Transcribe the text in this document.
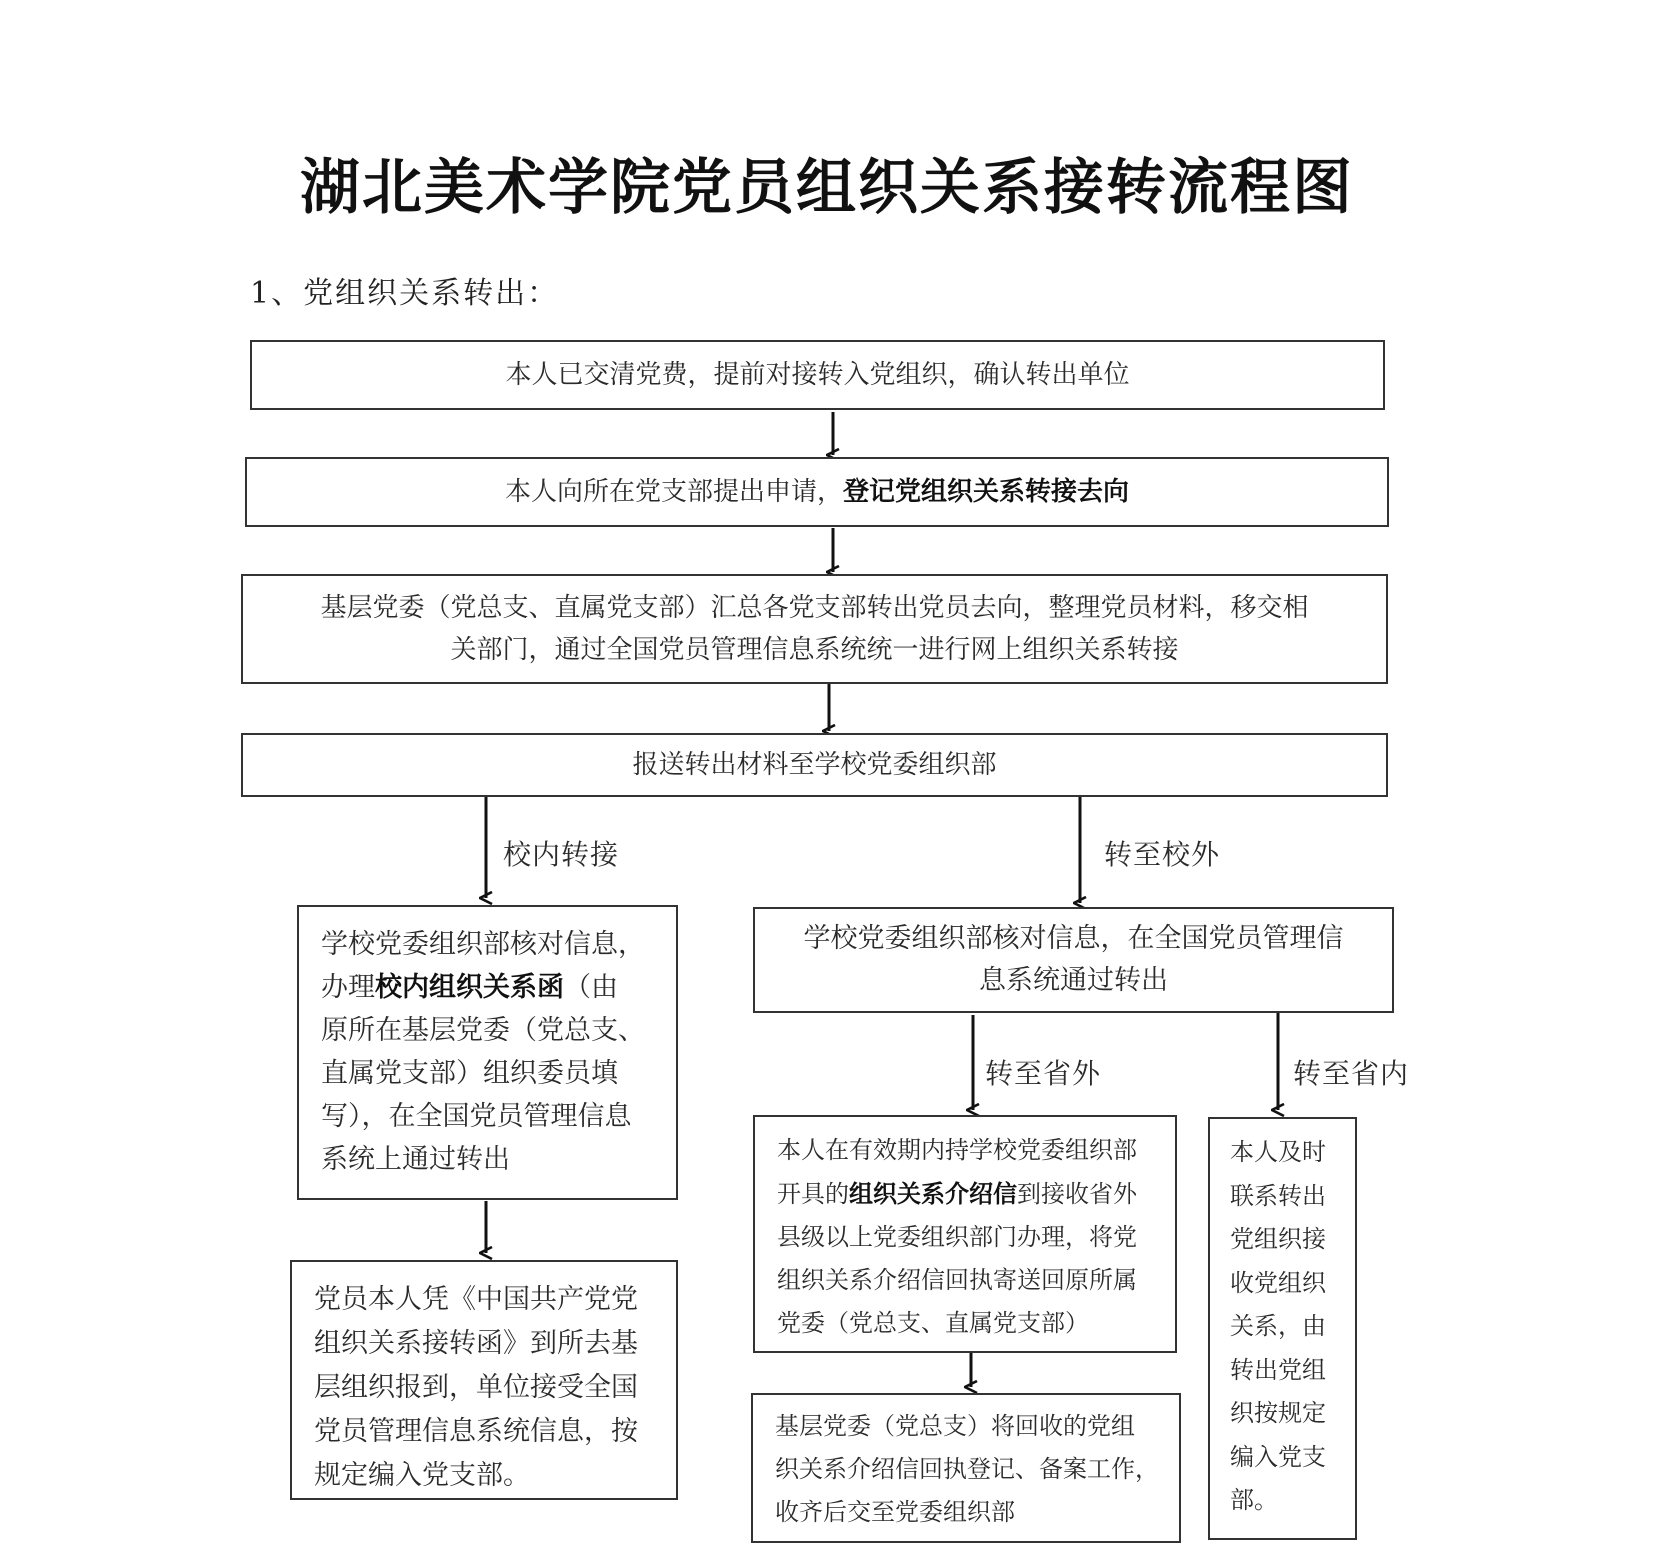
湖北美术学院党员组织关系接转流程图
1、党组织关系转出：
本人已交清党费，提前对接转入党组织，确认转出单位
本人向所在党支部提出申请，登记党组织关系转接去向
基层党委（党总支、直属党支部）汇总各党支部转出党员去向，整理党员材料，移交相
关部门，通过全国党员管理信息系统统一进行网上组织关系转接
报送转出材料至学校党委组织部
校内转接	转至校外
转至省外	转至省内
学校党委组织部核对信息，
办理校内组织关系函（由
原所在基层党委（党总支、
直属党支部）组织委员填
写），在全国党员管理信息
系统上通过转出
党员本人凭《中国共产党党
组织关系接转函》到所去基
层组织报到，单位接受全国
党员管理信息系统信息，按
规定编入党支部。
学校党委组织部核对信息，在全国党员管理信
息系统通过转出
本人在有效期内持学校党委组织部
开具的组织关系介绍信到接收省外
县级以上党委组织部门办理，将党
组织关系介绍信回执寄送回原所属
党委（党总支、直属党支部）
基层党委（党总支）将回收的党组
织关系介绍信回执登记、备案工作，
收齐后交至党委组织部
本人及时
联系转出
党组织接
收党组织
关系，由
转出党组
织按规定
编入党支
部。
